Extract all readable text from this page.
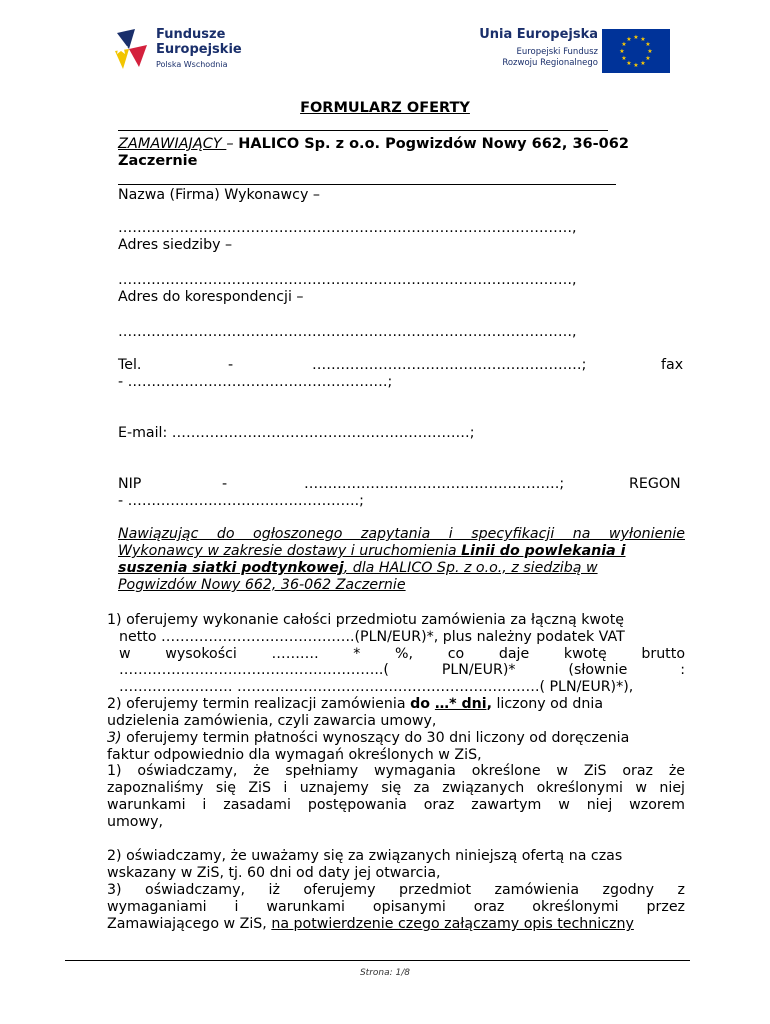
Fundusze
Europejskie
Polska Wschodnia
Unia Europejska
Europejski Fundusz
Rozwoju Regionalnego
★ ★
★
★
★
★
★
★
★
★
★
★
FORMULARZ OFERTY
ZAMAWIAJĄCY – HALICO Sp. z o.o. Pogwizdów Nowy 662, 36-062
Zaczernie
Nazwa (Firma) Wykonawcy –
……………………………………………………………………………………,
Adres siedziby –
……………………………………………………………………………………,
Adres do korespondencji –
……………………………………………………………………………………,
Tel.	-	…………………………………………………;	fax
- …………………………………………….…;
E-mail: ………………………………………………………;
NIP	-	………………………………………………;	REGON
- ………………………………………….;
Nawiązując do ogłoszonego zapytania i specyfikacji na wyłonienie
Wykonawcy w zakresie dostawy i uruchomienia Linii do powlekania i
suszenia siatki podtynkowej, dla HALICO Sp. z o.o., z siedzibą w
Pogwizdów Nowy 662, 36-062 Zaczernie
1) oferujemy wykonanie całości przedmiotu zamówienia za łączną kwotę
netto …………………………………..(PLN/EUR)*, plus należny podatek VAT
w wysokości ………. * %, co daje kwotę brutto
………………………………………………..( PLN/EUR)* (słownie :
…………………… ……………………………………………………….( PLN/EUR)*),
2) oferujemy termin realizacji zamówienia do …* dni, liczony od dnia
udzielenia zamówienia, czyli zawarcia umowy,
3) oferujemy termin płatności wynoszący do 30 dni liczony od doręczenia
faktur odpowiednio dla wymagań określonych w ZiS,
1) oświadczamy, że spełniamy wymagania określone w ZiS oraz że
zapoznaliśmy się ZiS i uznajemy się za związanych określonymi w niej
warunkami i zasadami postępowania oraz zawartym w niej wzorem
umowy,
2) oświadczamy, że uważamy się za związanych niniejszą ofertą na czas
wskazany w ZiS, tj. 60 dni od daty jej otwarcia,
3) oświadczamy, iż oferujemy przedmiot zamówienia zgodny z
wymaganiami i warunkami opisanymi oraz określonymi przez
Zamawiającego w ZiS, na potwierdzenie czego załączamy opis techniczny
Strona: 1/8
